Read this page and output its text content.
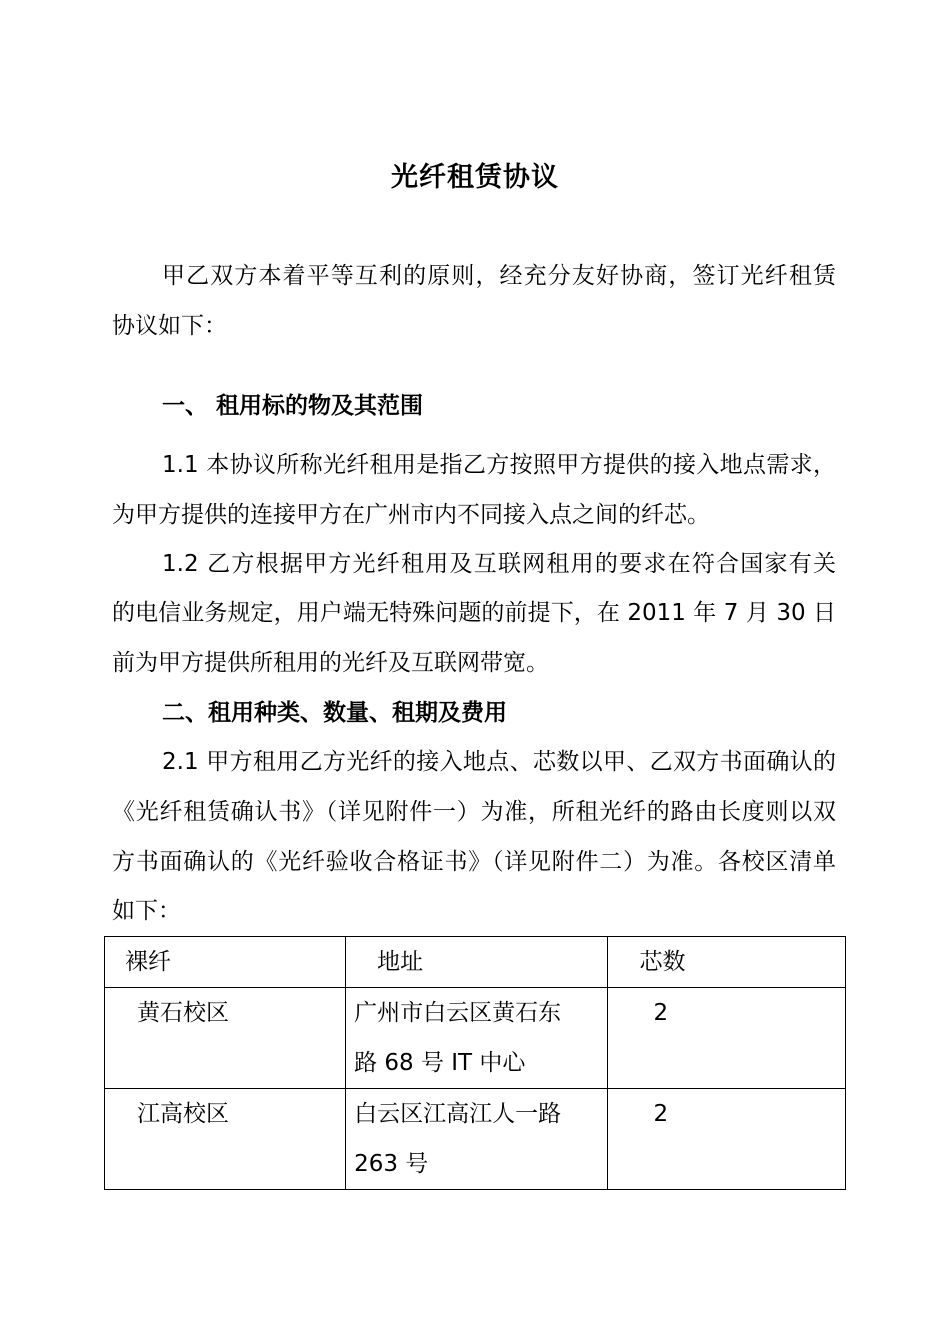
光纤租赁协议
甲乙双方本着平等互利的原则，经充分友好协商，签订光纤租赁
协议如下：
一、 租用标的物及其范围
1.1 本协议所称光纤租用是指乙方按照甲方提供的接入地点需求，
为甲方提供的连接甲方在广州市内不同接入点之间的纤芯。
1.2 乙方根据甲方光纤租用及互联网租用的要求在符合国家有关
的电信业务规定，用户端无特殊问题的前提下，在 2011 年 7 月 30 日
前为甲方提供所租用的光纤及互联网带宽。
二、租用种类、数量、租期及费用
2.1 甲方租用乙方光纤的接入地点、芯数以甲、乙双方书面确认的
《光纤租赁确认书》（详见附件一）为准，所租光纤的路由长度则以双
方书面确认的《光纤验收合格证书》（详见附件二）为准。各校区清单
如下：
裸纤	地址	芯数

黄石校区	广州市白云区黄石东
路 68 号 IT 中心	2

江高校区	白云区江高江人一路
263 号	2
